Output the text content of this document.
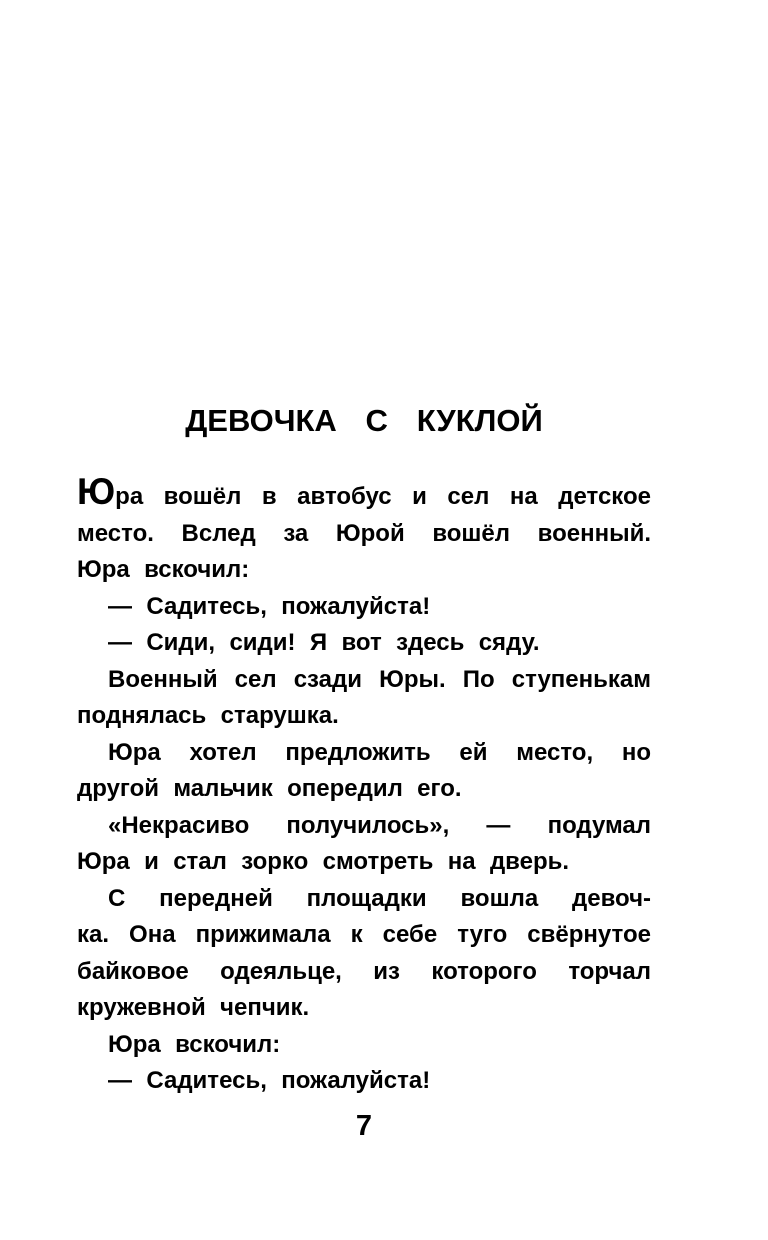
ДЕВОЧКА С КУКЛОЙ
Юра вошёл в автобус и сел на детское
место. Вслед за Юрой вошёл военный.
Юра вскочил:
— Садитесь, пожалуйста!
— Сиди, сиди! Я вот здесь сяду.
Военный сел сзади Юры. По ступенькам
поднялась старушка.
Юра хотел предложить ей место, но
другой мальчик опередил его.
«Некрасиво получилось», — подумал
Юра и стал зорко смотреть на дверь.
С передней площадки вошла девоч-
ка. Она прижимала к себе туго свёрнутое
байковое одеяльце, из которого торчал
кружевной чепчик.
Юра вскочил:
— Садитесь, пожалуйста!
7
